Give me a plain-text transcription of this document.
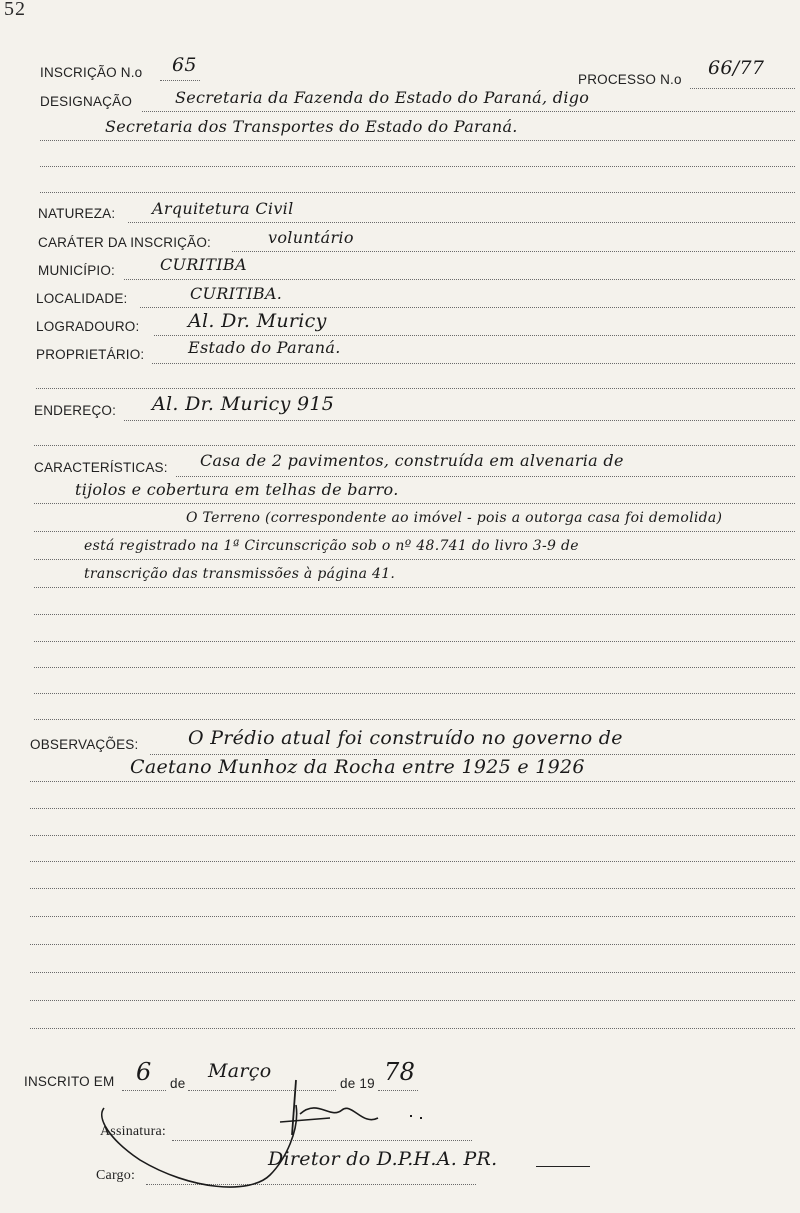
52
INSCRIÇÃO N.o 65
PROCESSO N.o
66/77
DESIGNAÇÃO	Secretaria da Fazenda do Estado do Paraná, digo
Secretaria dos Transportes do Estado do Paraná.
NATUREZA: Arquitetura Civil
CARÁTER DA INSCRIÇÃO:	voluntário
MUNICÍPIO:	CURITIBA
LOCALIDADE:	CURITIBA.
LOGRADOURO:	Al. Dr. Muricy
PROPRIETÁRIO:	Estado do Paraná.
ENDEREÇO: Al. Dr. Muricy 915
CARACTERÍSTICAS: Casa de 2 pavimentos, construída em alvenaria de
tijolos e cobertura em telhas de barro.
O Terreno (correspondente ao imóvel - pois a outorga casa foi demolida)
está registrado na 1ª Circunscrição sob o nº 48.741 do livro 3-9 de
transcrição das transmissões à página 41.
OBSERVAÇÕES:	O Prédio atual foi construído no governo de
Caetano Munhoz da Rocha entre 1925 e 1926
INSCRITO EM 6 de
Março
de 19 78
Assinatura:
Cargo:
Diretor do D.P.H.A. PR.
